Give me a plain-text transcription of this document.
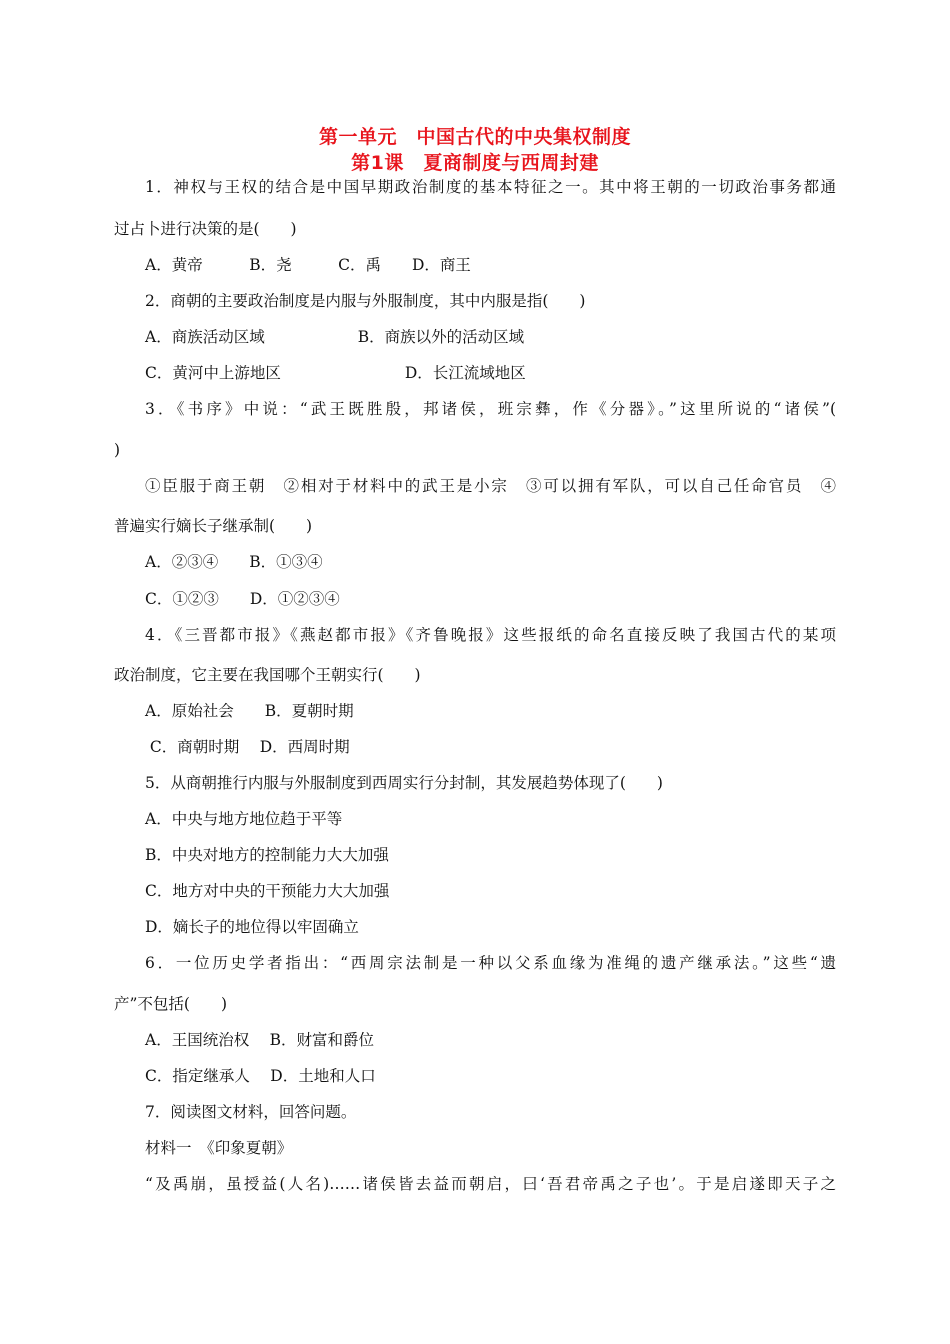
第一单元　中国古代的中央集权制度
第1课　夏商制度与西周封建
1．神权与王权的结合是中国早期政治制度的基本特征之一。其中将王朝的一切政治事务都通
过占卜进行决策的是(　　)
A．黄帝　　　B．尧　　　C．禹　　D．商王
2．商朝的主要政治制度是内服与外服制度，其中内服是指(　　)
A．商族活动区域　　　　　　B．商族以外的活动区域
C．黄河中上游地区　　　　　　　　D．长江流域地区
3．《书序》中说：“武王既胜殷，邦诸侯，班宗彝，作《分器》。”这里所说的“诸侯”(
)
①臣服于商王朝　②相对于材料中的武王是小宗　③可以拥有军队，可以自己任命官员　④
普遍实行嫡长子继承制(　　)
A．②③④　　B．①③④
C．①②③　　D．①②③④
4．《三晋都市报》《燕赵都市报》《齐鲁晚报》这些报纸的命名直接反映了我国古代的某项
政治制度，它主要在我国哪个王朝实行(　　)
A．原始社会　　B．夏朝时期
C．商朝时期　 D．西周时期
5．从商朝推行内服与外服制度到西周实行分封制，其发展趋势体现了(　　)
A．中央与地方地位趋于平等
B．中央对地方的控制能力大大加强
C．地方对中央的干预能力大大加强
D．嫡长子的地位得以牢固确立
6．一位历史学者指出：“西周宗法制是一种以父系血缘为准绳的遗产继承法。”这些“遗
产”不包括(　　)
A．王国统治权　 B．财富和爵位
C．指定继承人　 D．土地和人口
7．阅读图文材料，回答问题。
材料一　《印象夏朝》
“及禹崩，虽授益(人名)……诸侯皆去益而朝启，曰‘吾君帝禹之子也’。于是启遂即天子之
